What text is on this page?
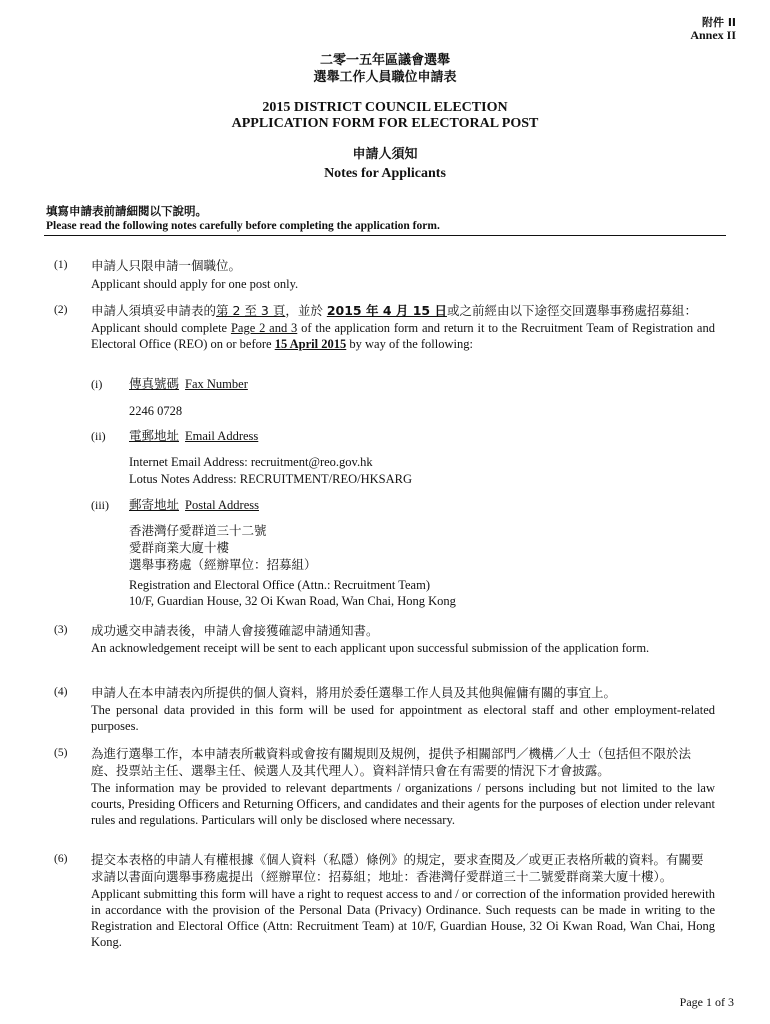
附件 II
Annex II
二零一五年區議會選舉
選舉工作人員職位申請表
2015 DISTRICT COUNCIL ELECTION
APPLICATION FORM FOR ELECTORAL POST
申請人須知
Notes for Applicants
填寫申請表前請細閱以下說明。
Please read the following notes carefully before completing the application form.
(1) 申請人只限申請一個職位。

Applicant should apply for one post only.

(2) 申請人須填妥申請表的第 2 至 3 頁，並於 2015 年 4 月 15 日或之前經由以下途徑交回選舉事務處招募組：

Applicant should complete Page 2 and 3 of the application form and return it to the Recruitment Team of Registration and Electoral Office (REO) on or before 15 April 2015 by way of the following:

(i) 傳真號碼 Fax Number
2246 0728
(ii) 電郵地址 Email Address
Internet Email Address: recruitment@reo.gov.hk
Lotus Notes Address: RECRUITMENT/REO/HKSARG
(iii) 郵寄地址 Postal Address
香港灣仔愛群道三十二號
愛群商業大廈十樓
選舉事務處（經辦單位：招募組）
Registration and Electoral Office (Attn.: Recruitment Team)
10/F, Guardian House, 32 Oi Kwan Road, Wan Chai, Hong Kong
(3) 成功遞交申請表後，申請人會接獲確認申請通知書。

An acknowledgement receipt will be sent to each applicant upon successful submission of the application form.

(4) 申請人在本申請表內所提供的個人資料，將用於委任選舉工作人員及其他與僱傭有關的事宜上。

The personal data provided in this form will be used for appointment as electoral staff and other employment-related purposes.

(5) 為進行選舉工作，本申請表所載資料或會按有關規則及規例，提供予相關部門／機構／人士（包括但不限於法庭、投票站主任、選舉主任、候選人及其代理人）。資料詳情只會在有需要的情況下才會披露。

The information may be provided to relevant departments / organizations / persons including but not limited to the law courts, Presiding Officers and Returning Officers, and candidates and their agents for the purposes of election under relevant rules and regulations. Particulars will only be disclosed where necessary.

(6) 提交本表格的申請人有權根據《個人資料（私隱）條例》的規定，要求查閱及／或更正表格所載的資料。有關要求請以書面向選舉事務處提出（經辦單位：招募組；地址：香港灣仔愛群道三十二號愛群商業大廈十樓）。

Applicant submitting this form will have a right to request access to and / or correction of the information provided herewith in accordance with the provision of the Personal Data (Privacy) Ordinance. Such requests can be made in writing to the Registration and Electoral Office (Attn: Recruitment Team) at 10/F, Guardian House, 32 Oi Kwan Road, Wan Chai, Hong Kong.

Page 1 of 3
